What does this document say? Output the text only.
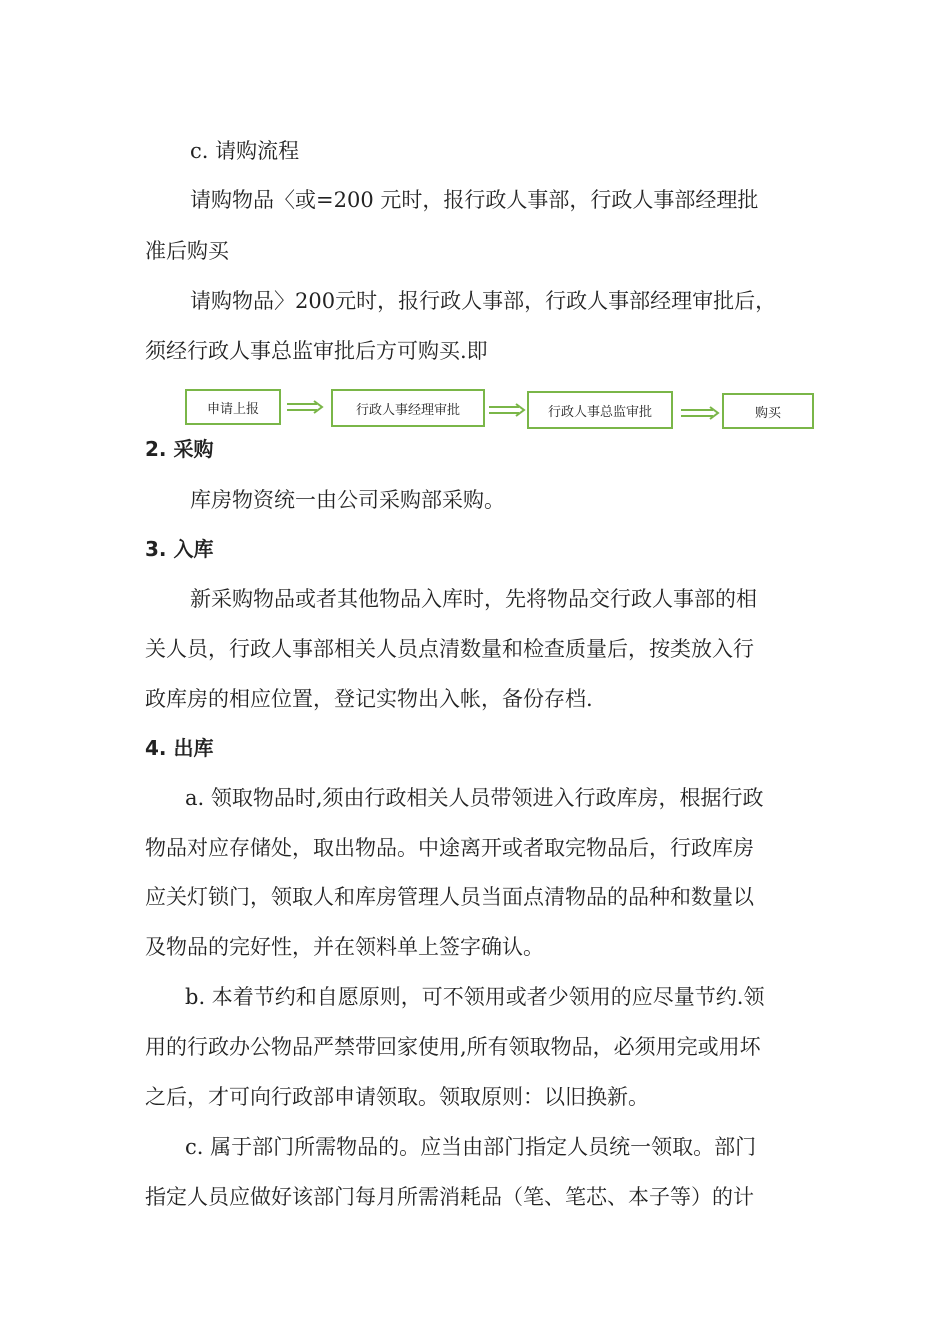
c. 请购流程
请购物品〈或=200 元时，报行政人事部，行政人事部经理批
准后购买
请购物品〉200元时，报行政人事部，行政人事部经理审批后，
须经行政人事总监审批后方可购买.即
申请上报	行政人事经理审批	行政人事总监审批	购买
2. 采购
库房物资统一由公司采购部采购。
3. 入库
新采购物品或者其他物品入库时，先将物品交行政人事部的相
关人员，行政人事部相关人员点清数量和检查质量后，按类放入行
政库房的相应位置，登记实物出入帐，备份存档.
4. 出库
a. 领取物品时,须由行政相关人员带领进入行政库房，根据行政
物品对应存储处，取出物品。中途离开或者取完物品后，行政库房
应关灯锁门，领取人和库房管理人员当面点清物品的品种和数量以
及物品的完好性，并在领料单上签字确认。
b. 本着节约和自愿原则，可不领用或者少领用的应尽量节约.领
用的行政办公物品严禁带回家使用,所有领取物品，必须用完或用坏
之后，才可向行政部申请领取。领取原则：以旧换新。
c. 属于部门所需物品的。应当由部门指定人员统一领取。部门
指定人员应做好该部门每月所需消耗品（笔、笔芯、本子等）的计
